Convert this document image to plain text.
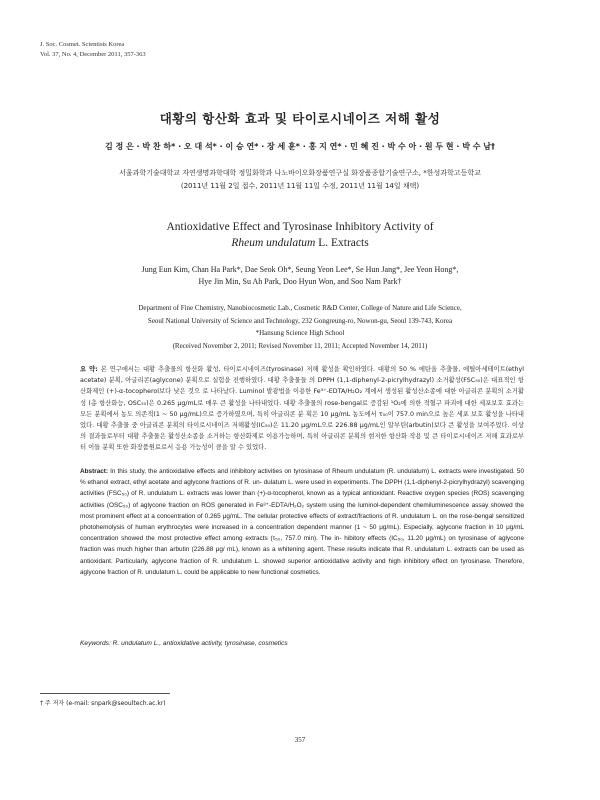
J. Soc. Cosmet. Scientists Korea
Vol. 37, No. 4, December 2011, 357-363
대황의 항산화 효과 및 타이로시네이즈 저해 활성
김 정 은 · 박 찬 하* · 오 대 석* · 이 승 연* · 장 세 훈* · 홍 지 연* · 민 혜 진 · 박 수 아 · 원 두 현 · 박 수 남†
서울과학기술대학교 자연생명과학대학 정밀화학과 나노바이오화장품연구실 화장품종합기술연구소, *한성과학고등학교
(2011년 11월 2일 접수, 2011년 11월 11일 수정, 2011년 11월 14일 채택)
Antioxidative Effect and Tyrosinase Inhibitory Activity of
Rheum undulatum L. Extracts
Jung Eun Kim, Chan Ha Park*, Dae Seok Oh*, Seung Yeon Lee*, Se Hun Jang*, Jee Yeon Hong*,
Hye Jin Min, Su Ah Park, Doo Hyun Won, and Soo Nam Park†
Department of Fine Chemistry, Nanobiocosmetic Lab., Cosmetic R&D Center, College of Nature and Life Science,
Seoul National University of Science and Technology, 232 Gongreung-ro, Nowon-gu, Seoul 139-743, Korea
*Hansung Science High School
(Received November 2, 2011; Revised November 11, 2011; Accepted November 14, 2011)
요 약: 본 연구에서는 대황 추출물의 항산화 활성, 타이로시네이즈(tyrosinase) 저해 활성을 확인하였다. 대황의 50 % 에탄올 추출물, 에틸아세테이트(ethyl acetate) 분획, 아글리콘(aglycone) 분획으로 실험을 진행하였다. 대황 추출물들 의 DPPH (1,1-diphenyl-2-picrylhydrazyl) 소거활성(FSC₅₀)은 대표적인 항산화제인 (+)-α-tocopherol보다 낮은 것으 로 나타났다. Luminol 발광법을 이용한 Fe³⁺-EDTA/H₂O₂ 계에서 생성된 활성산소종에 대한 아글리콘 분획의 소거활성 (총 항산화능, OSC₅₀)은 0.265 μg/mL로 매우 큰 활성을 나타내었다. 대황 추출물의 rose-bengal로 증감된 ¹O₂에 의한 적혈구 파괴에 대한 세포보호 효과는 모든 분획에서 농도 의존적(1 ~ 50 μg/mL)으로 증가하였으며, 특히 아글리콘 분 획은 10 μg/mL 농도에서 τ₅₀이 757.0 min으로 높은 세포 보호 활성을 나타내었다. 대황 추출물 중 아글리콘 분획의 타이로시네이즈 저해활성(IC₅₀)은 11.20 μg/mL으로 226.88 μg/mL인 알부틴(arbutin)보다 큰 활성을 보여주었다. 이상 의 결과들로부터 대황 추출물은 활성산소종을 소거하는 항산화제로 이용가능하며, 특히 아글리콘 분획의 현저한 항산화 작용 및 큰 타이로시네이즈 저해 효과로부터 이들 분획 또한 화장품원료로서 응용 가능성이 큼을 알 수 있었다.
Abstract: In this study, the antioxidative effects and inhibitory activities on tyrosinase of Rheum undulatum (R. undulatum) L. extracts were investigated. 50 % ethanol extract, ethyl acetate and aglycone fractions of R. un- dulatum L. were used in experiments. The DPPH (1,1-diphenyl-2-picrylhydrazyl) scavenging activities (FSC₅₀) of R. undulatum L. extracts was lower than (+)-α-tocopherol, known as a typical antioxidant. Reactive oxygen species (ROS) scavenging activities (OSC₅₀) of aglycone fraction on ROS generated in Fe³⁺-EDTA/H₂O₂ system using the luminol-dependent chemiluminescence assay showed the most prominent effect at a concentration of 0.265 μg/mL. The cellular protective effects of extract/fractions of R. undulatum L. on the rose-bengal sensitized photohemolysis of human erythrocytes were increased in a concentration dependent manner (1 ~ 50 μg/mL). Especially, aglycone fraction in 10 μg/mL concentration showed the most protective effect among extracts (τ₅₀, 757.0 min). The in- hibitory effects (IC₅₀, 11.20 μg/mL) on tyrosinase of aglycone fraction was much higher than arbutin (226.88 μg/ mL), known as a whitening agent. These results indicate that R. undulatum L. extracts can be used as antioxidant. Particularly, aglycone fraction of R. undulatum L. showed superior antioxidative activity and high inhibitory effect on tyrosinase. Therefore, aglycone fraction of R. undulatum L. could be applicable to new functional cosmetics.
Keywords: R. undulatum L., antioxidative activity, tyrosinase, cosmetics
† 주 저자 (e-mail: snpark@seoultech.ac.kr)
357
